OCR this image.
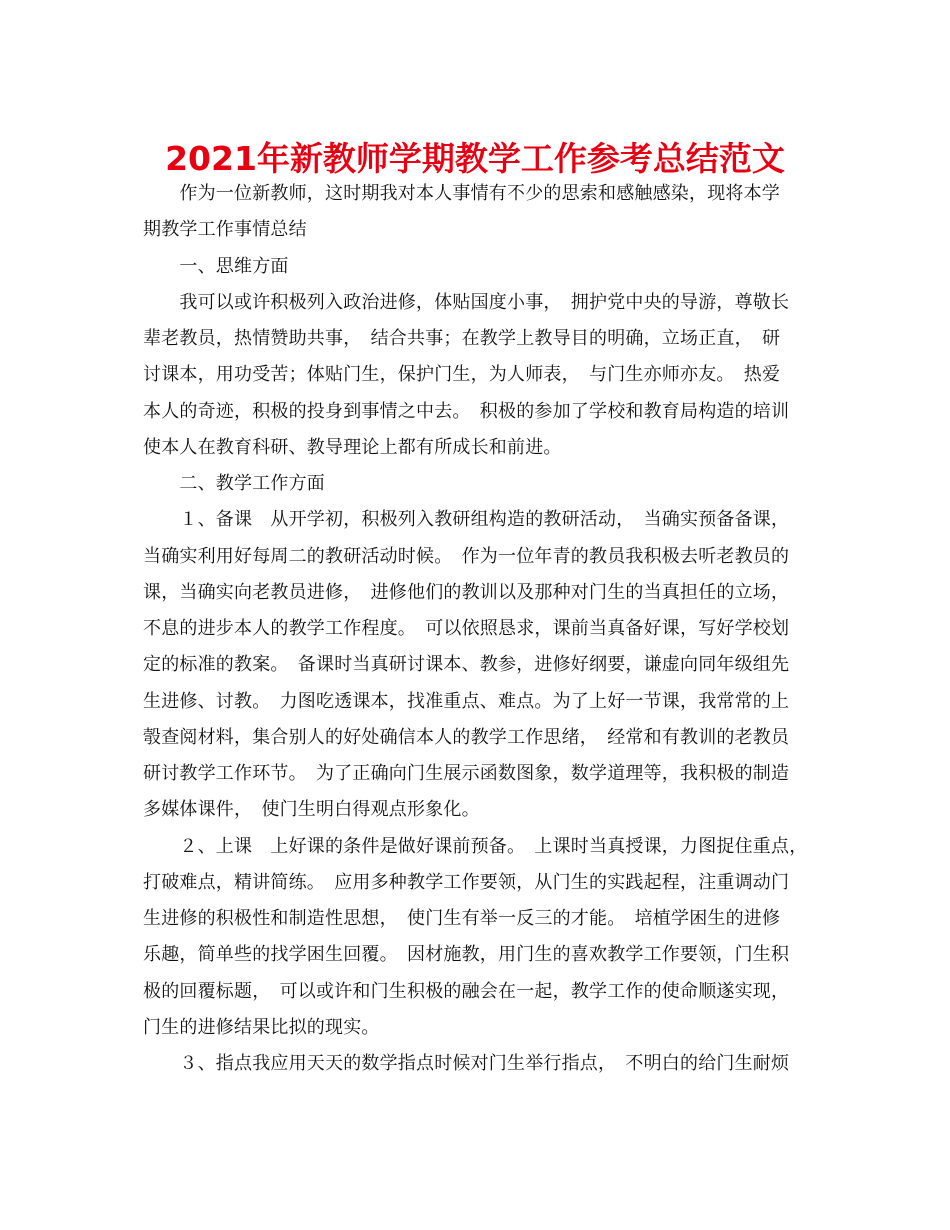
2021年新教师学期教学工作参考总结范文
　　作为一位新教师，这时期我对本人事情有不少的思索和感触感染，现将本学
期教学工作事情总结
　　一、思维方面
　　我可以或许积极列入政治进修，体贴国度小事，　拥护党中央的导游，尊敬长
辈老教员，热情赞助共事，　结合共事；在教学上教导目的明确，立场正直，　研
讨课本，用功受苦；体贴门生，保护门生，为人师表，　与门生亦师亦友。　热爱
本人的奇迹，积极的投身到事情之中去。　积极的参加了学校和教育局构造的培训
使本人在教育科研、教导理论上都有所成长和前进。
　　二、教学工作方面
　　１、备课　从开学初，积极列入教研组构造的教研活动，　当确实预备备课，
当确实利用好每周二的教研活动时候。　作为一位年青的教员我积极去听老教员的
课，当确实向老教员进修，　进修他们的教训以及那种对门生的当真担任的立场，
不息的进步本人的教学工作程度。　可以依照恳求，课前当真备好课，写好学校划
定的标准的教案。　备课时当真研讨课本、教参，进修好纲要，谦虚向同年级组先
生进修、讨教。　力图吃透课本，找准重点、难点。为了上好一节课，我常常的上
彀查阅材料，集合别人的好处确信本人的教学工作思绪，　经常和有教训的老教员
研讨教学工作环节。　为了正确向门生展示函数图象，数学道理等，我积极的制造
多媒体课件，　使门生明白得观点形象化。
　　２、上课　上好课的条件是做好课前预备。　上课时当真授课，力图捉住重点，
打破难点，精讲简练。　应用多种教学工作要领，从门生的实践起程，注重调动门
生进修的积极性和制造性思想，　使门生有举一反三的才能。　培植学困生的进修
乐趣，简单些的找学困生回覆。　因材施教，用门生的喜欢教学工作要领，门生积
极的回覆标题，　可以或许和门生积极的融会在一起，教学工作的使命顺遂实现，
门生的进修结果比拟的现实。
　　３、指点我应用天天的数学指点时候对门生举行指点，　不明白的给门生耐烦
